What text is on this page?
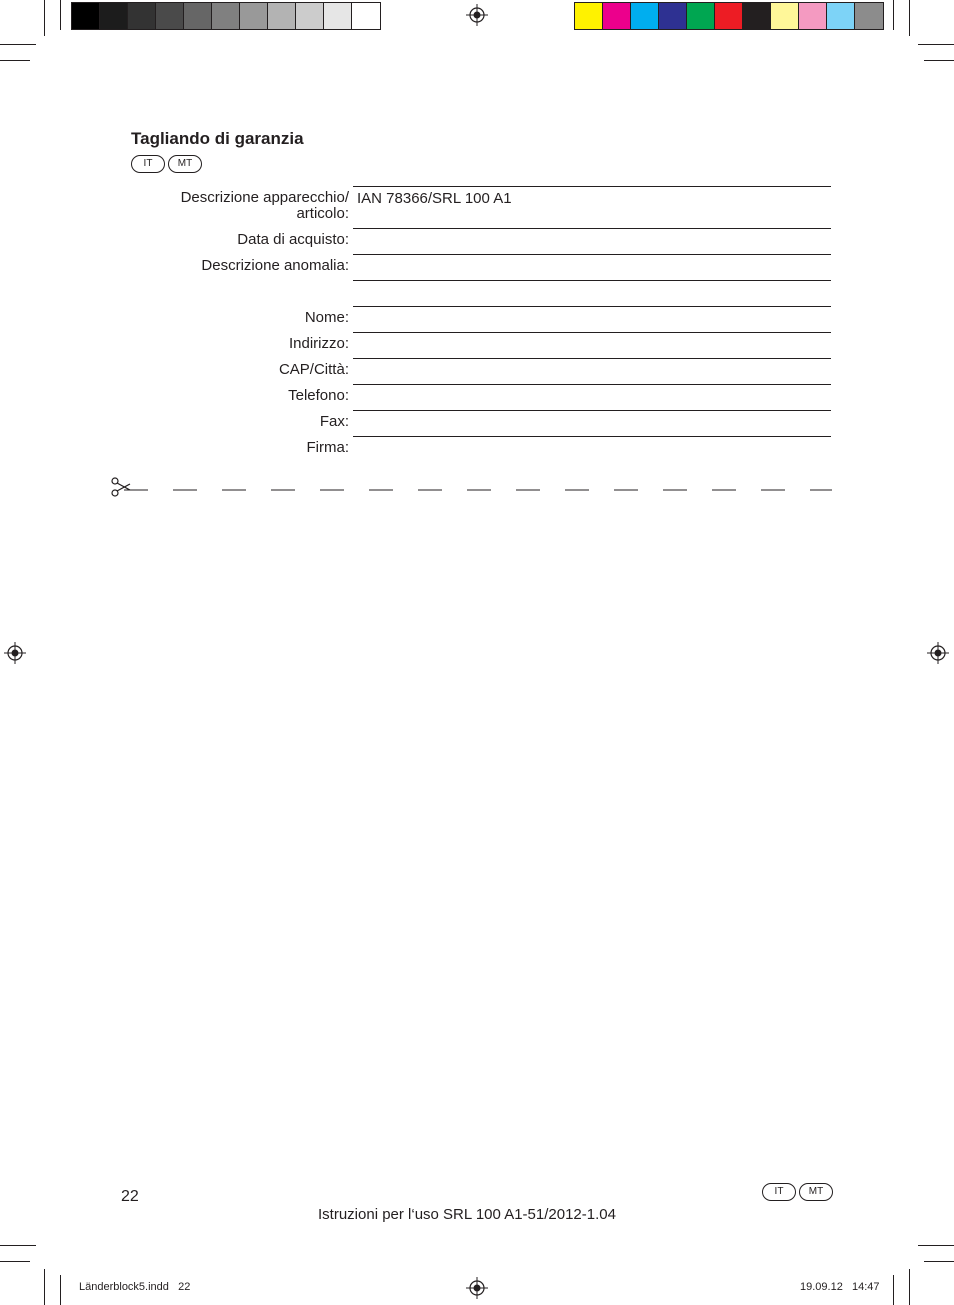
Tagliando di garanzia
IT	MT
Descrizione apparecchio/
articolo:
IAN 78366/SRL 100 A1
Data di acquisto:
Descrizione anomalia:
Nome:
Indirizzo:
CAP/Città:
Telefono:
Fax:
Firma:
22	IT	MT
Istruzioni per l‘uso SRL 100 A1-51/2012-1.04
Länderblock5.indd   22	19.09.12   14:47
